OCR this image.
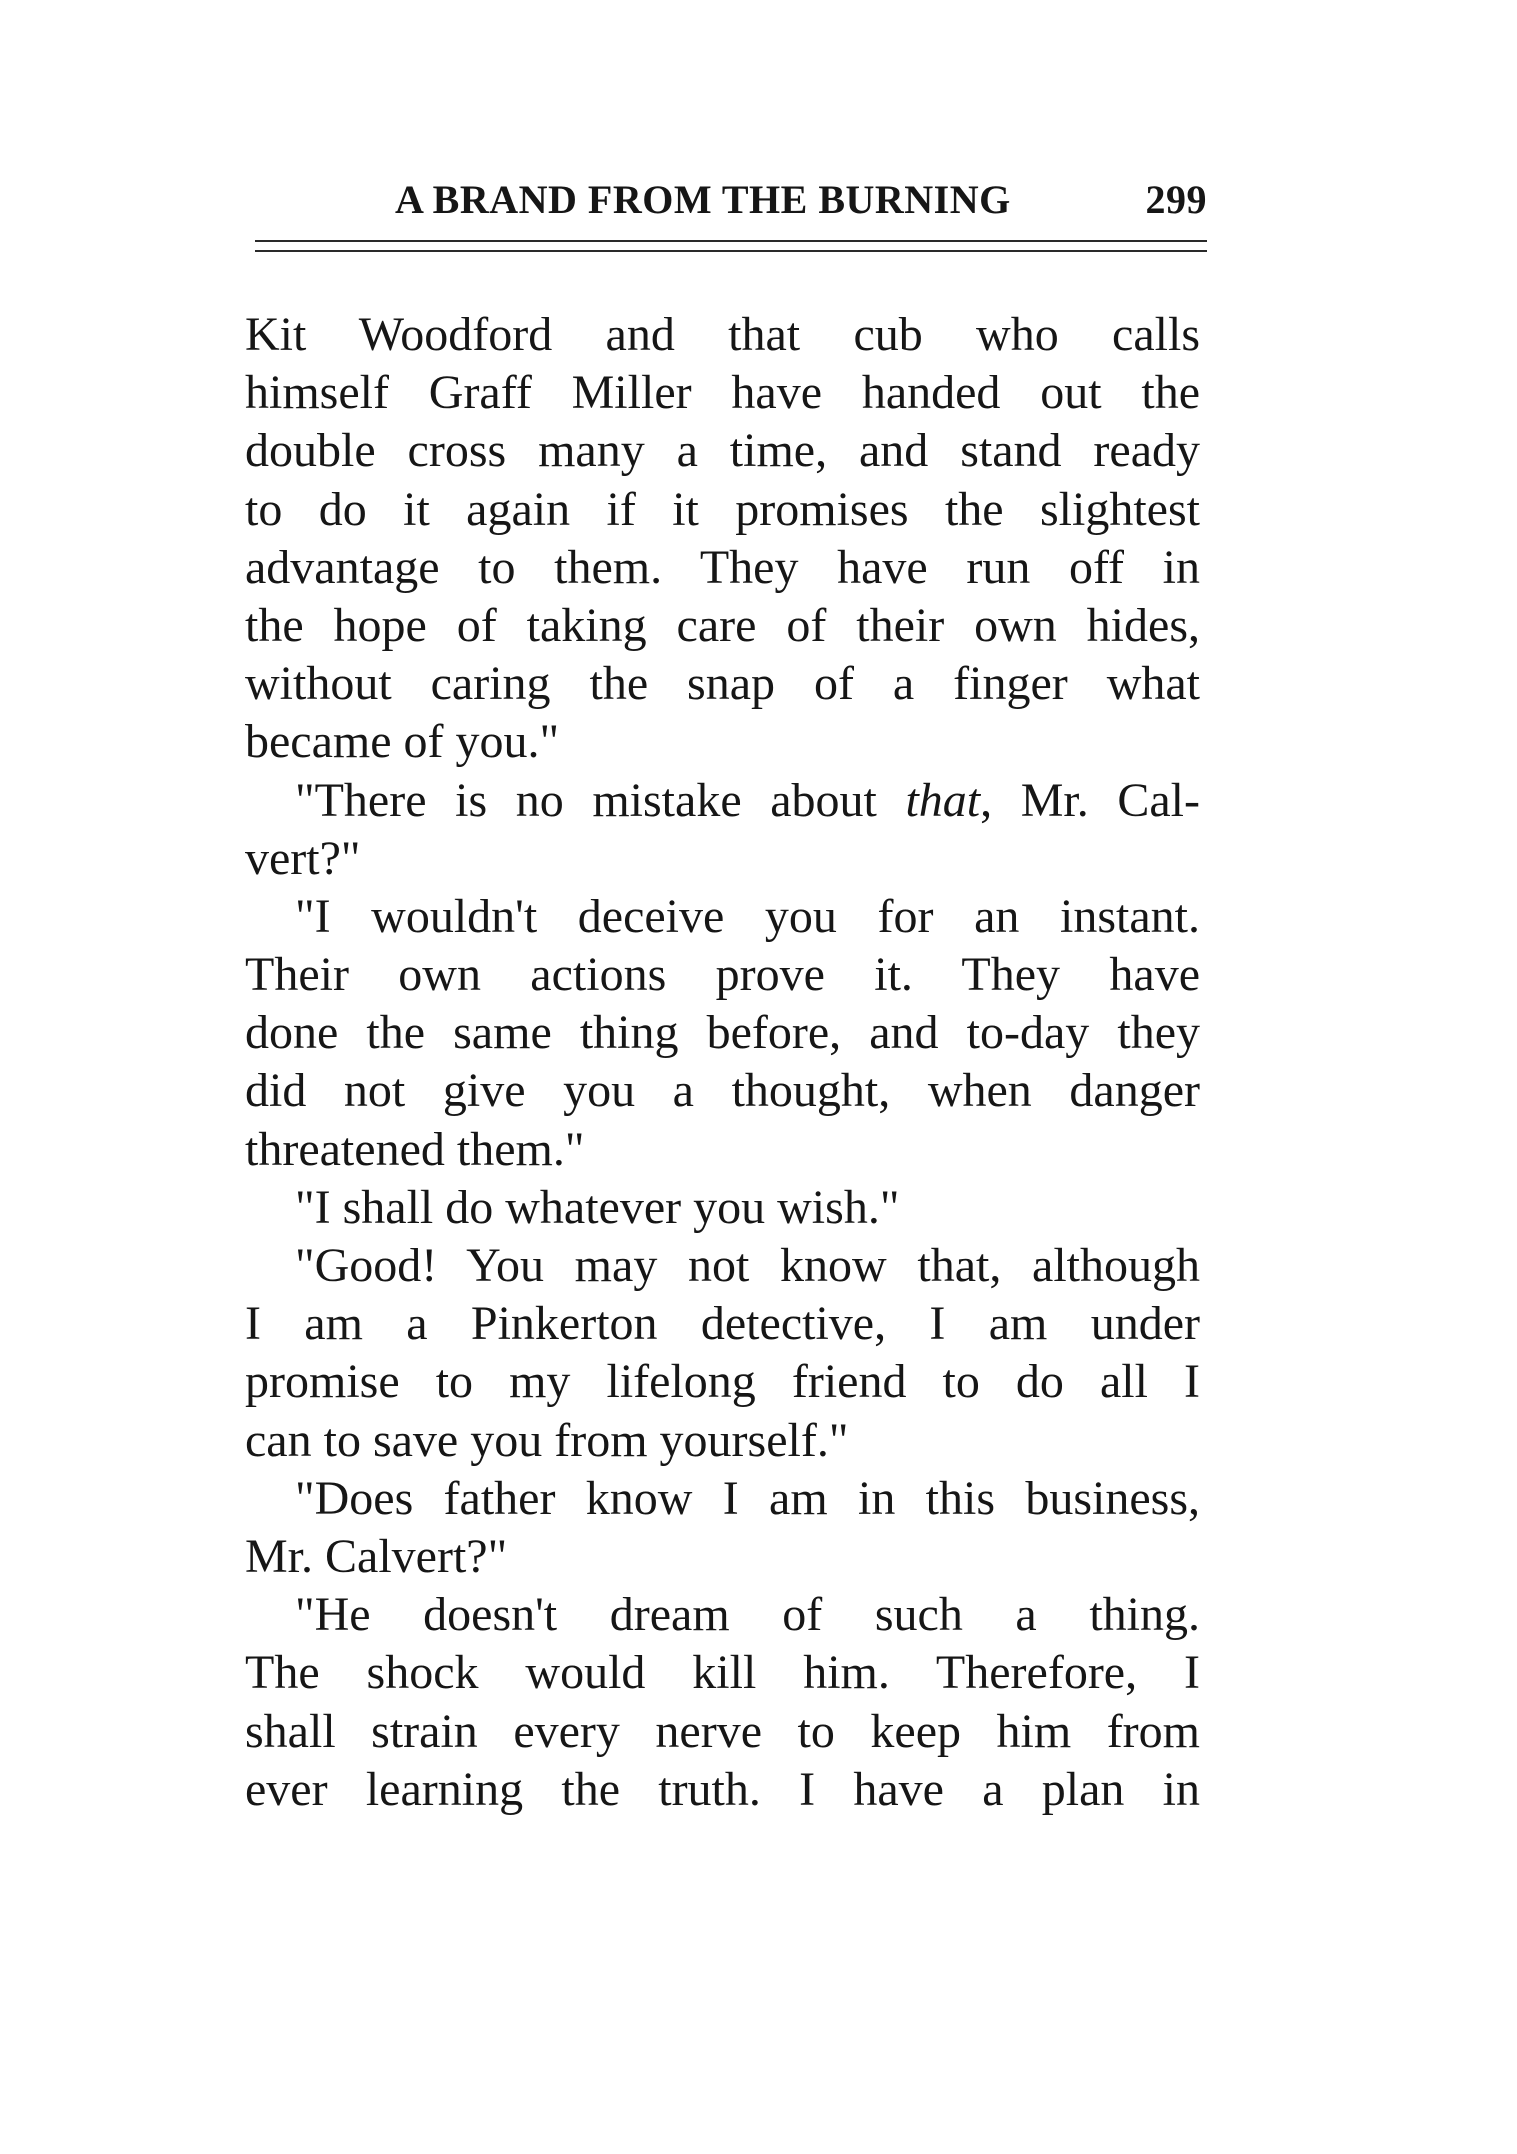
A BRAND FROM THE BURNING	299
Kit Woodford and that cub who calls
himself Graff Miller have handed out the
double cross many a time, and stand ready
to do it again if it promises the slightest
advantage to them. They have run off in
the hope of taking care of their own hides,
without caring the snap of a finger what
became of you."
"There is no mistake about that, Mr. Cal-
vert?"
"I wouldn't deceive you for an instant.
Their own actions prove it. They have
done the same thing before, and to-day they
did not give you a thought, when danger
threatened them."
"I shall do whatever you wish."
"Good! You may not know that, although
I am a Pinkerton detective, I am under
promise to my lifelong friend to do all I
can to save you from yourself."
"Does father know I am in this business,
Mr. Calvert?"
"He doesn't dream of such a thing.
The shock would kill him. Therefore, I
shall strain every nerve to keep him from
ever learning the truth. I have a plan in
